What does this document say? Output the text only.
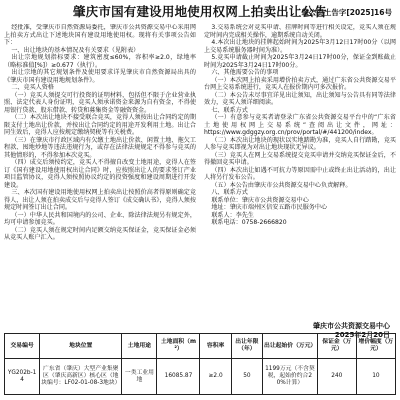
肇庆市国有建设用地使用权网上拍卖出让公告
肇公资土告字[2025]16号

经批准，受肇庆市自然资源局委托，肇庆市公共资源交易中心采用网上拍卖方式出让下述地块国有建设用地使用权。现将有关事项公告如下：

一、出让地块的基本情况及有关要求（见附表）

出让宗地规划指标要求：建筑密度≤60%，容积率≥2.0，绿地率（略标准值[%]）≥0.677（执行）。

出让宗地的其它规划条件及使用要求详见肇庆市自然资源局出具的《肇庆市国有建设用地规划条件》。

二、竞买人资格

（一）竞买人须提交可行投资的证明材料，包括但不限于企业营业执照、法定代表人身份证明，竞买人须承诺资金来源为自有资金，不得使用银行贷款、股东借款、转贷和募集资金等融资资金。

（二）本次出让地块不接受联合竞买，竞得人须按出让合同约定的期限支付土地出让价款，并按出让合同约定的用途开发利用土地。出让合同生效后，竞得人应按规定缴纳契税等有关税费。

（三）在肇庆市行政区域内有欠缴土地出让价款、闲置土地、拖欠工程款、囤地炒地等违法违规行为，或存在法律法规规定不得参与竞买的其他情形的，不得参加本次竞买。

（四）成交后须按约定，竞买人不得擅自改变土地用途，竞得人在签订《国有建设用地使用权出让合同》时，应按照出让人的要求签订产业项目监管协议，竞得人须按照协议约定的投资强度和建设周期进行开发建设。

三、本次国有建设用地使用权网上拍卖出让按照价高者得原则确定竞得人，出让人须在拍卖成交后与竞得人签订《成交确认书》，竞得人须按规定时间签订出让合同。

（一）中华人民共和国境内的公司、企业、除法律法规另有规定外，均可申请参加竞买。

（二）竞买人须在规定时间内足额交纳竞买保证金，竞买保证金必须从竞买人账户汇入。

3.交易系统会对竞买申请、挂牌时间等进行相关设定，竞买人须在规定时间内完成相关操作，逾期系统自动关闭。

4.本次出让地块的挂牌起始时间为2025年3月12日17时00分（以网上交易系统服务器时间为准）。

5.竞买申请截止时间为2025年3月24日17时00分，保证金到账截止时间为2025年3月24日17时00分。

六、其他需要公告的事项

（一）本次网上拍卖采用增价拍卖方式，通过广东省公共资源交易平台网上交易系统进行，竞买人在报价期内可多次报价。

（二）本公告未尽事宜详见出让须知，出让须知与公告具有同等法律效力，竞买人须详细阅读。

七、联系方式

（一）有意参与竞买者请登录广东省公共资源交易平台中的“广东省土地使用权网上交易系统”查阅出让文件，网址：https://www.gdggzy.org.cn/prov/portal/#/441200/index。

（二）本次出让地块的现状以实地踏勘为准，竞买人自行踏勘，竞买人参与竞买即视为对出让地块现状无异议。

（三）竞买人在网上交易系统提交竞买申请并交纳竞买保证金后，不得撤回竞买申请。

（四）本次出让如遇不可抗力等原因需中止或终止出让活动的，出让人将另行发布公告。

（五）本公告由肇庆市公共资源交易中心负责解释。

八、联系方式

联系单位：肇庆市公共资源交易中心

地址：肇庆市端州区信安五路市民服务中心

联系人：李先生

联系电话：0758-2666820

肇庆市公共资源交易中心
2025年2月20日
交易编号	地块位置	土地用途	土地面积（m²）	容积率	出让年限（年）	出让起始价（万元）	保证金（万元）	增价幅度（万元）
YG202b-14	广东省（肇庆）大型产业集聚区（肇庆高新区）核心区（地块编号：LF02-01-08-3地块）	一类工业用地	16085.87	≥2.0	50	1199万元（不含契税，起始价约合20%计算）	240	10
